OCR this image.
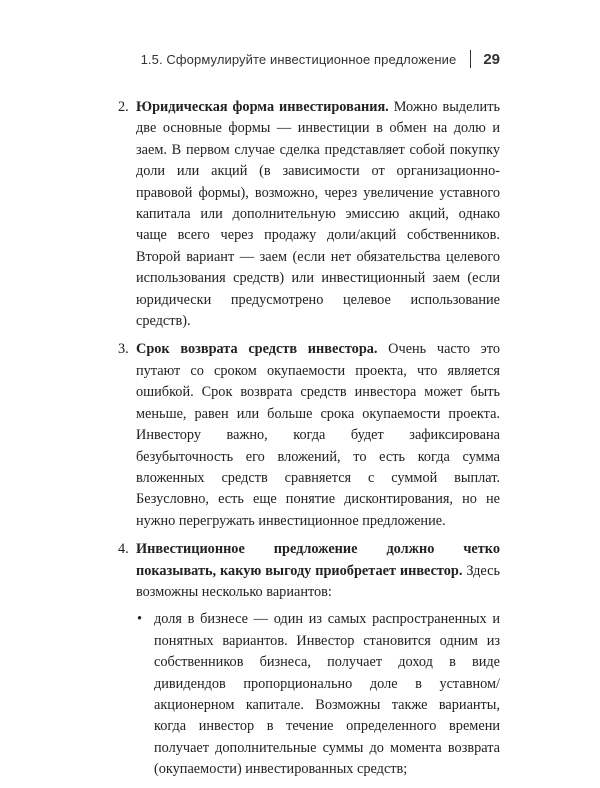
1.5. Сформулируйте инвестиционное предложение 29
2. Юридическая форма инвестирования. Можно выделить две основные формы — инвестиции в обмен на долю и заем. В первом случае сделка представляет собой покупку доли или акций (в зависимости от организационно-правовой формы), возможно, через увеличение уставного капитала или дополнительную эмиссию акций, однако чаще всего через продажу доли/акций собственников. Второй вариант — заем (если нет обязательства целевого использования средств) или инвестиционный заем (если юридически предусмотрено целевое использование средств).
3. Срок возврата средств инвестора. Очень часто это путают со сроком окупаемости проекта, что является ошибкой. Срок возврата средств инвестора может быть меньше, равен или больше срока окупаемости проекта. Инвестору важно, когда будет зафиксирована безубыточность его вложений, то есть когда сумма вложенных средств сравняется с суммой выплат. Безусловно, есть еще понятие дисконтирования, но не нужно перегружать инвестиционное предложение.
4. Инвестиционное предложение должно четко показывать, какую выгоду приобретает инвестор. Здесь возможны несколько вариантов:
• доля в бизнесе — один из самых распространенных и понятных вариантов. Инвестор становится одним из собственников бизнеса, получает доход в виде дивидендов пропорционально доле в уставном/акционерном капитале. Возможны также варианты, когда инвестор в течение определенного времени получает дополнительные суммы до момента возврата (окупаемости) инвестированных средств;
